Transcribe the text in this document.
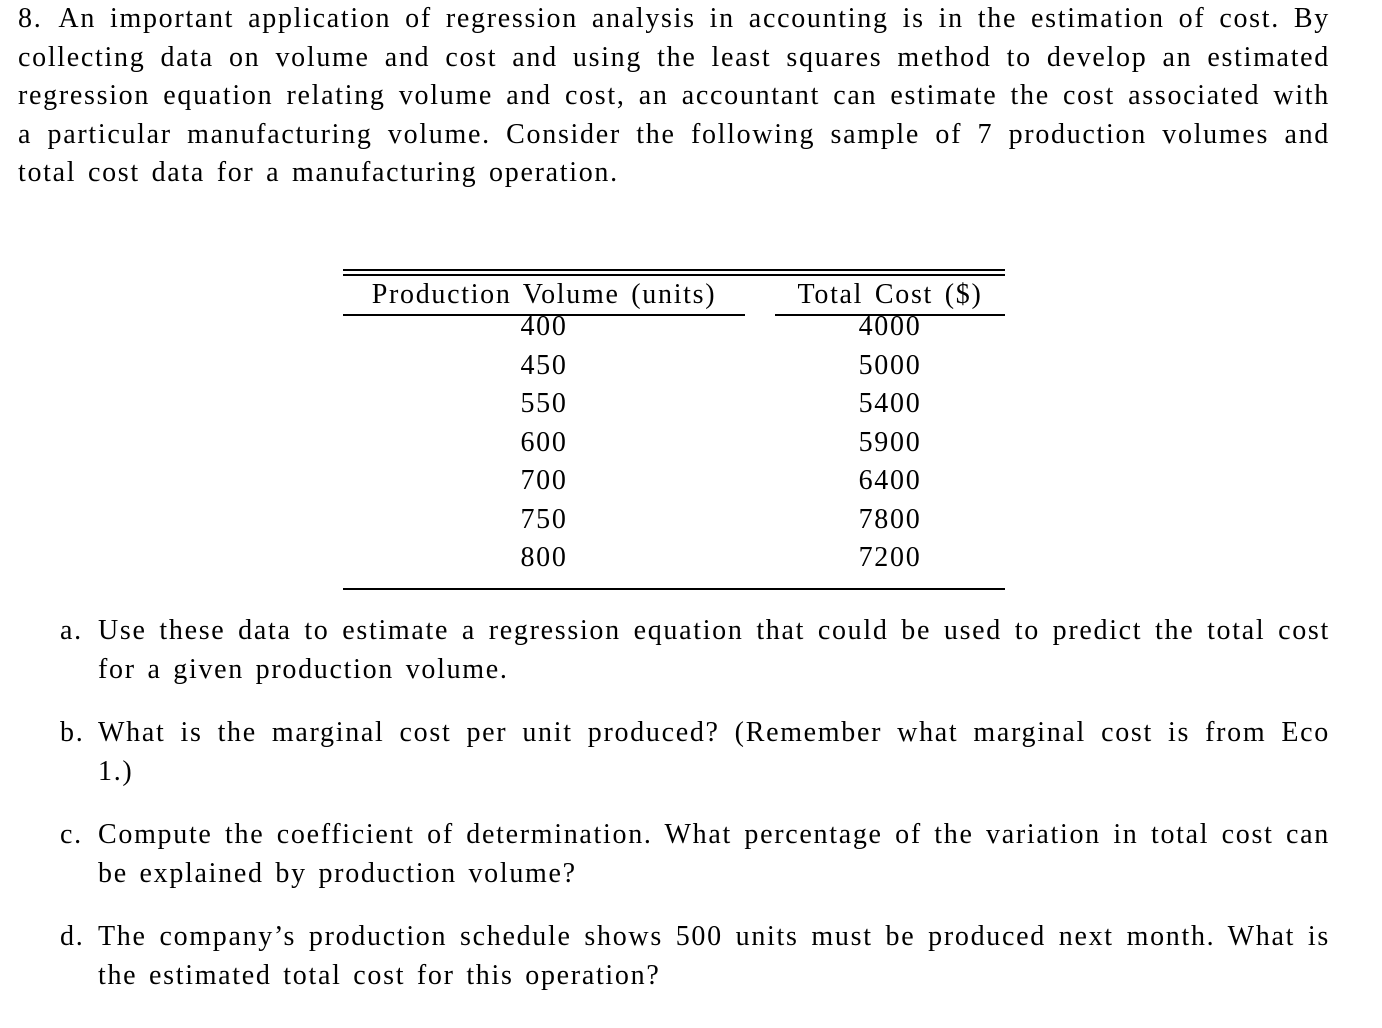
8. An important application of regression analysis in accounting is in the estimation of cost. By collecting data on volume and cost and using the least squares method to develop an estimated regression equation relating volume and cost, an accountant can estimate the cost associated with a particular manufacturing volume. Consider the following sample of 7 production volumes and total cost data for a manufacturing operation.

Production Volume (units)	Total Cost ($)
400	4000
450	5000
550	5400
600	5900
700	6400
750	7800
800	7200
a. Use these data to estimate a regression equation that could be used to predict the total cost for a given production volume.
b. What is the marginal cost per unit produced? (Remember what marginal cost is from Eco 1.)
c. Compute the coefficient of determination. What percentage of the variation in total cost can be explained by production volume?
d. The company’s production schedule shows 500 units must be produced next month. What is the estimated total cost for this operation?
